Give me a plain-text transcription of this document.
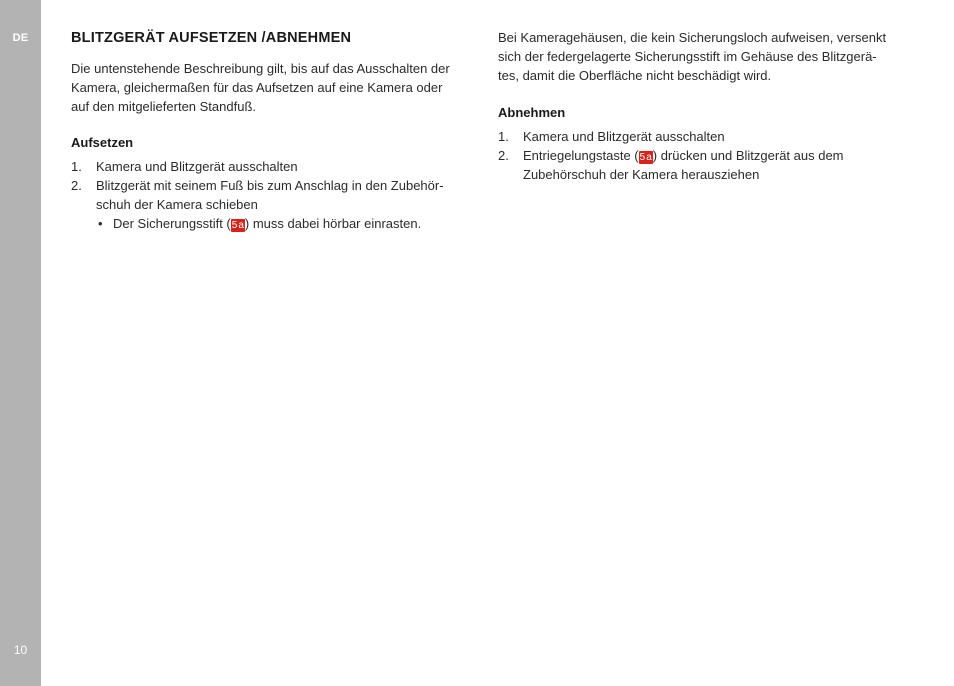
DE
10
BLITZGERÄT AUFSETZEN /ABNEHMEN

Die untenstehende Beschreibung gilt, bis auf das Ausschalten der
Kamera, gleichermaßen für das Aufsetzen auf eine Kamera oder
auf den mitgelieferten Standfuß.

Aufsetzen
1. Kamera und Blitzgerät ausschalten
2. Blitzgerät mit seinem Fuß bis zum Anschlag in den Zubehör-
schuh der Kamera schieben
• Der Sicherungsstift (5a) muss dabei hörbar einrasten.

Bei Kameragehäusen, die kein Sicherungsloch aufweisen, versenkt
sich der federgelagerte Sicherungsstift im Gehäuse des Blitzgerä-
tes, damit die Oberfläche nicht beschädigt wird.

Abnehmen
1. Kamera und Blitzgerät ausschalten
2. Entriegelungstaste (5a) drücken und Blitzgerät aus dem
Zubehörschuh der Kamera herausziehen
